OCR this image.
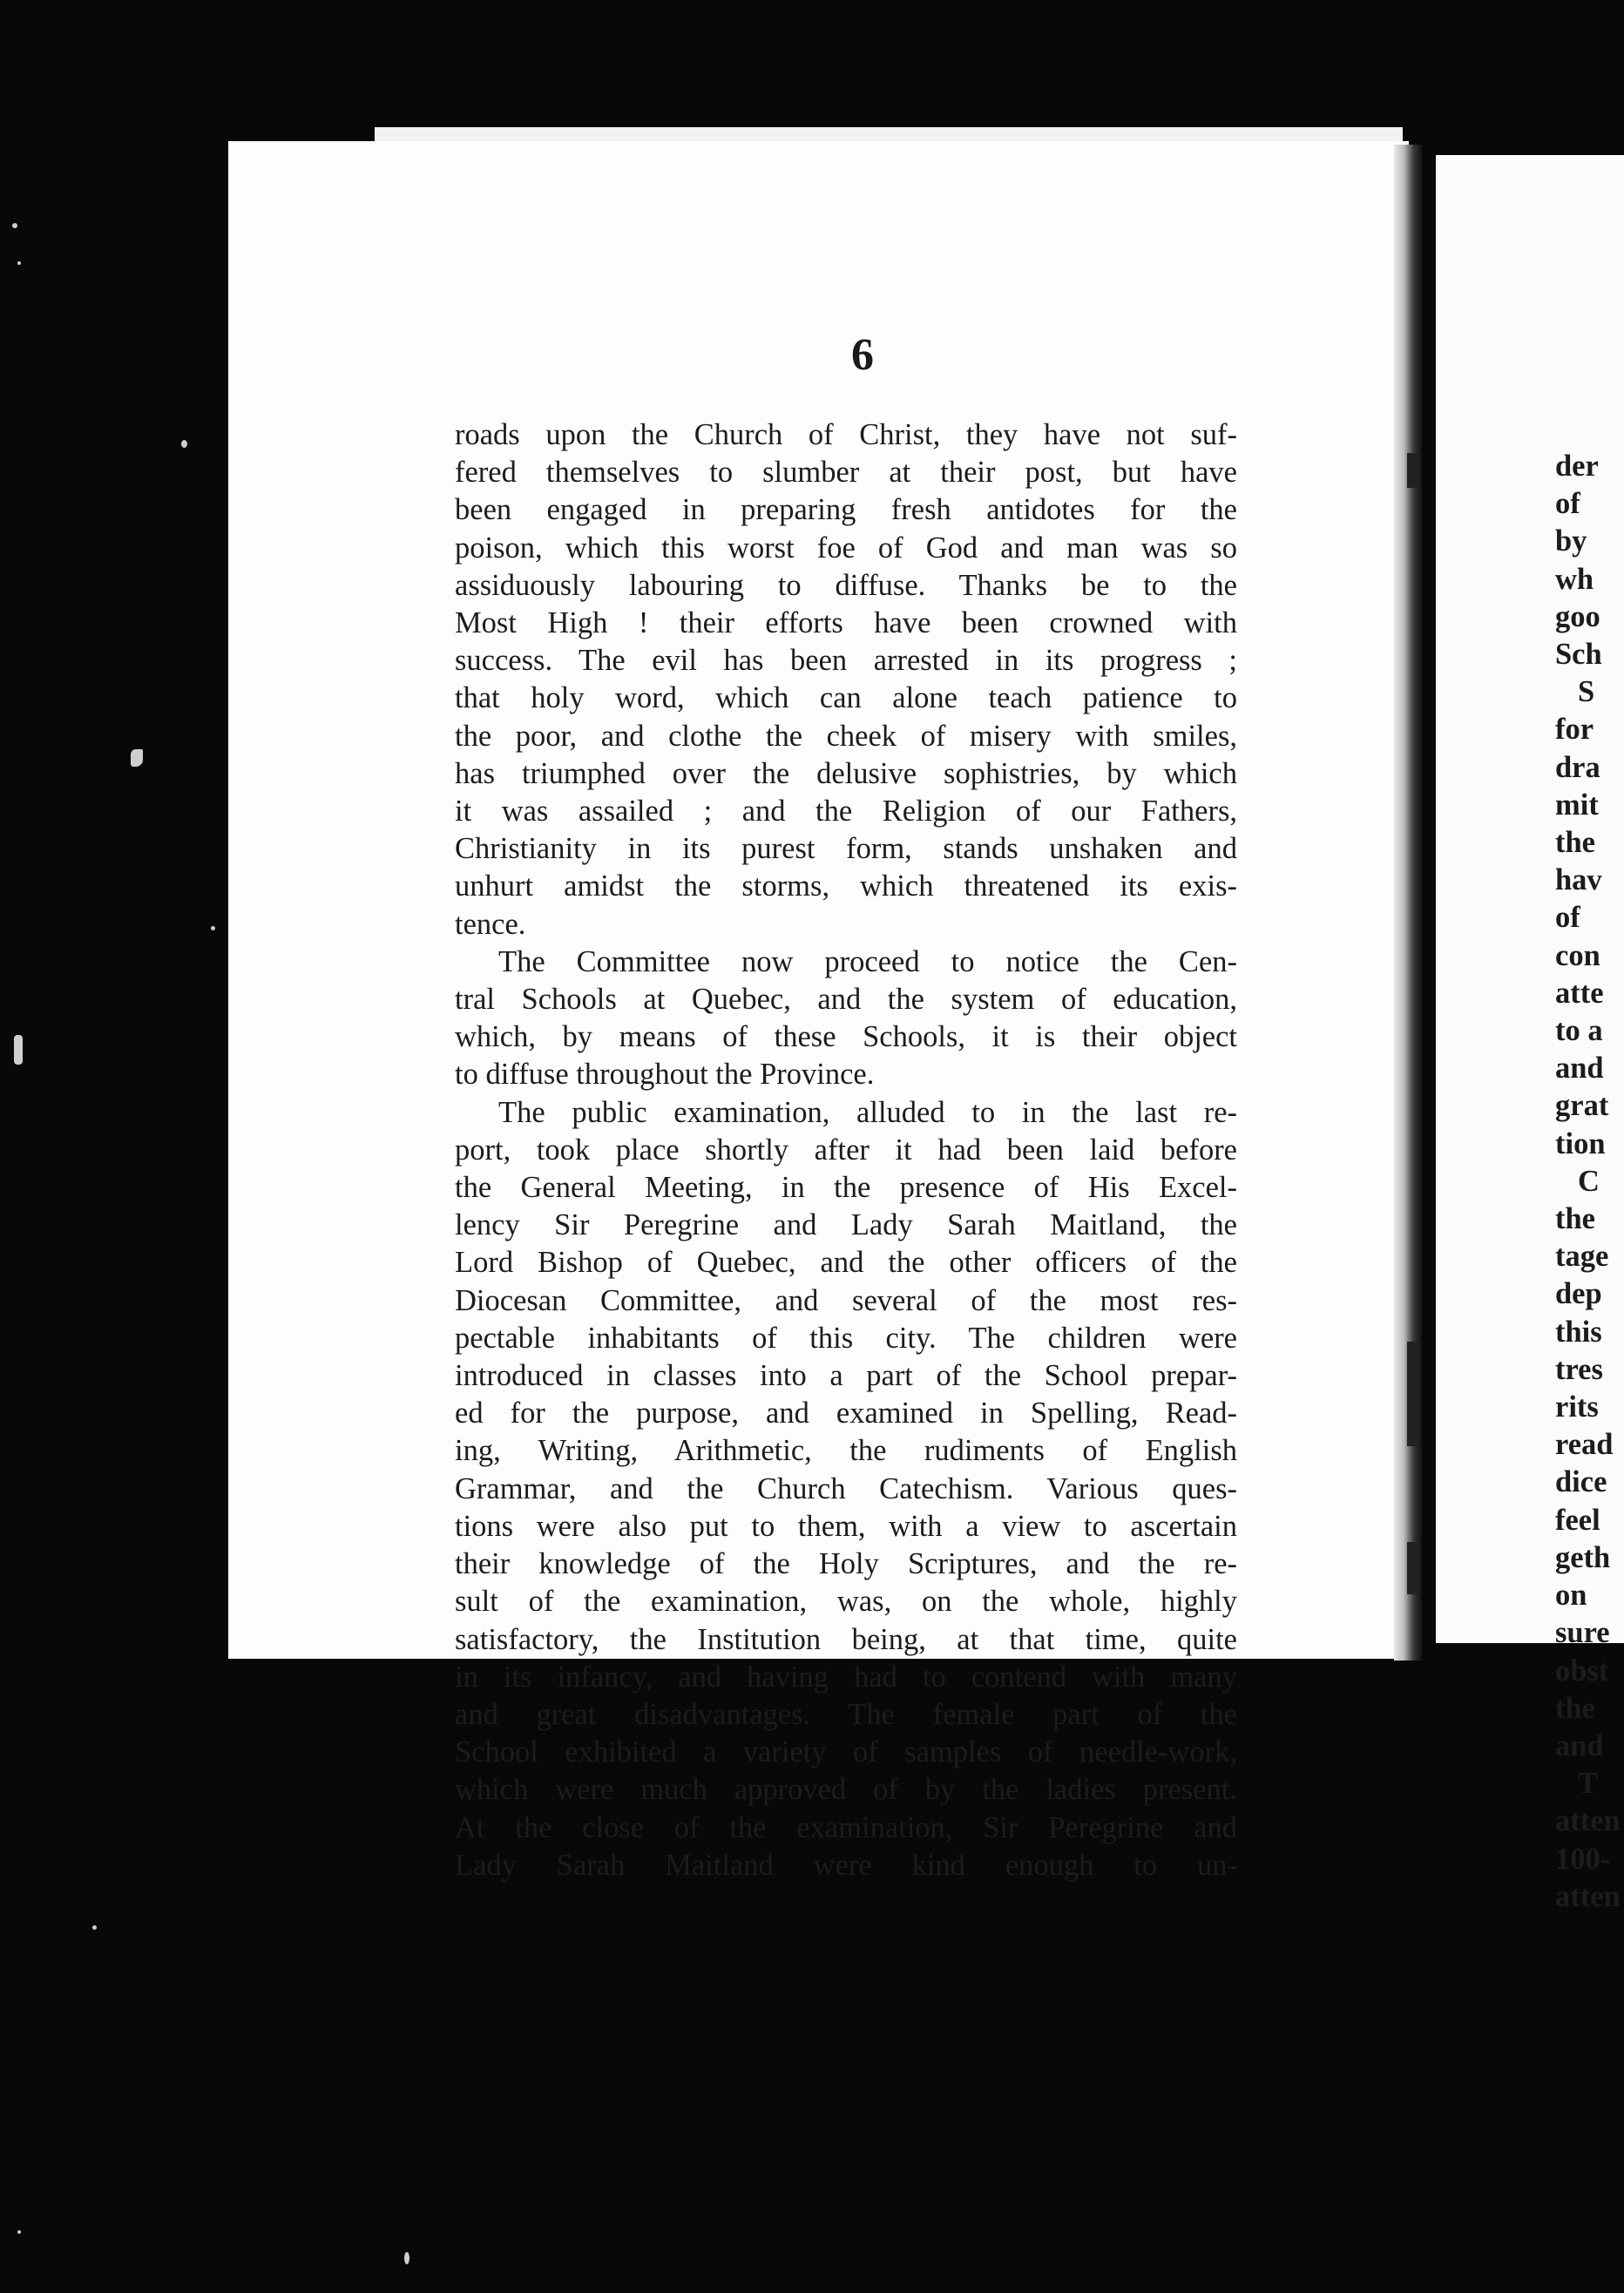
6
roads upon the Church of Christ, they have not suf-
fered themselves to slumber at their post, but have
been engaged in preparing fresh antidotes for the
poison, which this worst foe of God and man was so
assiduously labouring to diffuse. Thanks be to the
Most High ! their efforts have been crowned with
success. The evil has been arrested in its progress ;
that holy word, which can alone teach patience to
the poor, and clothe the cheek of misery with smiles,
has triumphed over the delusive sophistries, by which
it was assailed ; and the Religion of our Fathers,
Christianity in its purest form, stands unshaken and
unhurt amidst the storms, which threatened its exis-
tence.
The Committee now proceed to notice the Cen-
tral Schools at Quebec, and the system of education,
which, by means of these Schools, it is their object
to diffuse throughout the Province.
The public examination, alluded to in the last re-
port, took place shortly after it had been laid before
the General Meeting, in the presence of His Excel-
lency Sir Peregrine and Lady Sarah Maitland, the
Lord Bishop of Quebec, and the other officers of the
Diocesan Committee, and several of the most res-
pectable inhabitants of this city. The children were
introduced in classes into a part of the School prepar-
ed for the purpose, and examined in Spelling, Read-
ing, Writing, Arithmetic, the rudiments of English
Grammar, and the Church Catechism. Various ques-
tions were also put to them, with a view to ascertain
their knowledge of the Holy Scriptures, and the re-
sult of the examination, was, on the whole, highly
satisfactory, the Institution being, at that time, quite
in its infancy, and having had to contend with many
and great disadvantages. The female part of the
School exhibited a variety of samples of needle-work,
which were much approved of by the ladies present.
At the close of the examination, Sir Peregrine and
Lady Sarah Maitland were kind enough to un-
der
of
by
wh
goo
Sch
S
for
dra
mit
the
hav
of
con
atte
to a
and
grat
tion
C
the
tage
dep
this
tres
rits
read
dice
feel
geth
on
sure
obst
the
and
T
atten
100-
atten
